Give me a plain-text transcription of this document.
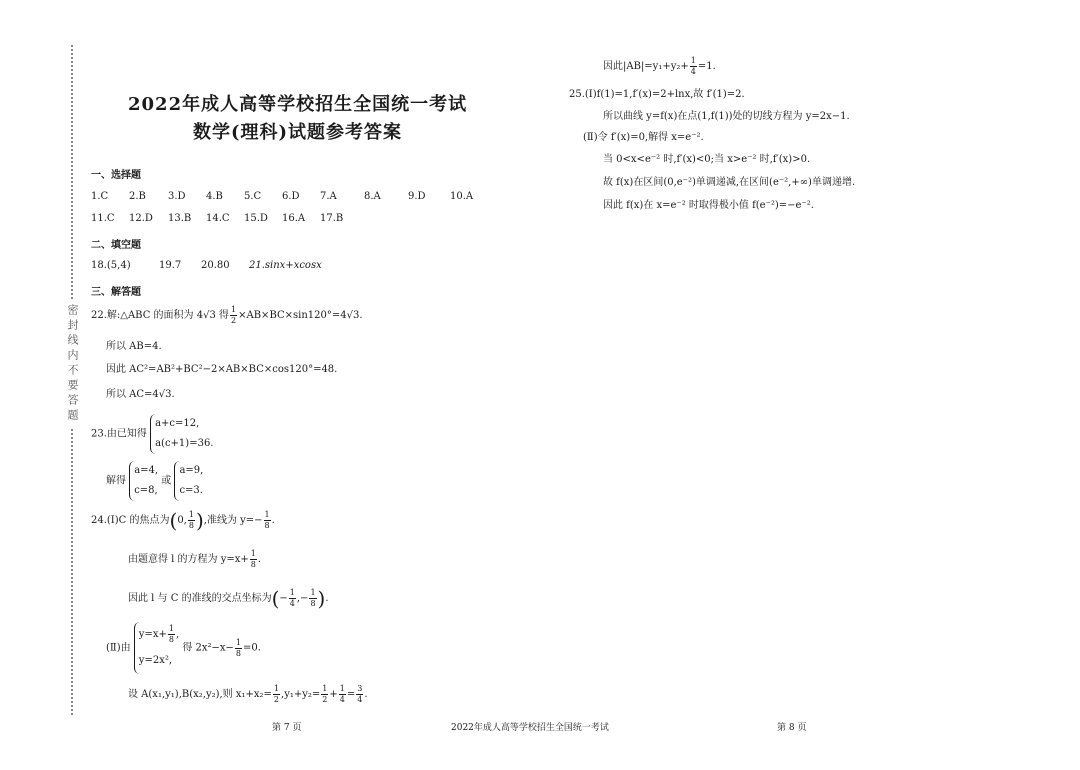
密封线内不要答题
2022年成人高等学校招生全国统一考试
数学(理科)试题参考答案
一、选择题
1.C 2.B 3.D 4.B 5.C 6.D 7.A	8.A	9.D 10.A
11.C 12.D 13.B 14.C 15.D 16.A 17.B
二、填空题
18.(5,4)	19.7 20.80 21.sinx+xcosx
三、解答题
22.解:△ABC 的面积为 4√3 得 $\frac{1}{2} \times AB\times BC\times\sin 120^\circ=4√3$.
所以 AB=4.
因此 AC²=AB²+BC²−2×AB×BC×cos120°=48.
所以 AC=4√3.
23.由已知得 a+c=12,
a(c+1)=36.
解得 a=4,
c=8, 或 a=9,
c=3.
24.(Ⅰ)C 的焦点为(0, $\frac{1}{8}$ ),准线为 $y=- \frac{1}{8}$ .
由题意得 l 的方程为 $y=x+ \frac{1}{8}$ .
因此 l 与 C 的准线的交点坐标为(− $\frac{1}{4}$ ,− $\frac{1}{8}$ ).
(Ⅱ)由 $y=x+ \frac{1}{8}$ ,
y=2x², 得 $2x^2-x- \frac{1}{8} =0$.
设 A(x₁,y₁),B(x₂,y₂),则 $x_1+x_2= \frac{1}{2} ,y_1+y_2= \frac{1}{2} + \frac{1}{4} = \frac{3}{4}$ .
因此$|AB|=y_1+y_2+ \frac{1}{4} =1$.
25.(Ⅰ)f(1)=1,f′(x)=2+lnx,故 f′(1)=2.
所以曲线 y=f(x)在点(1,f(1))处的切线方程为 y=2x−1.
(Ⅱ)令 f′(x)=0,解得 x=e⁻².
当 0<x<e⁻² 时,f′(x)<0;当 x>e⁻² 时,f′(x)>0.
故 f(x)在区间(0,e⁻²)单调递减,在区间(e⁻²,+∞)单调递增.
因此 f(x)在 x=e⁻² 时取得极小值 f(e⁻²)=−e⁻².
第 7 页	2022年成人高等学校招生全国统一考试	第 8 页
